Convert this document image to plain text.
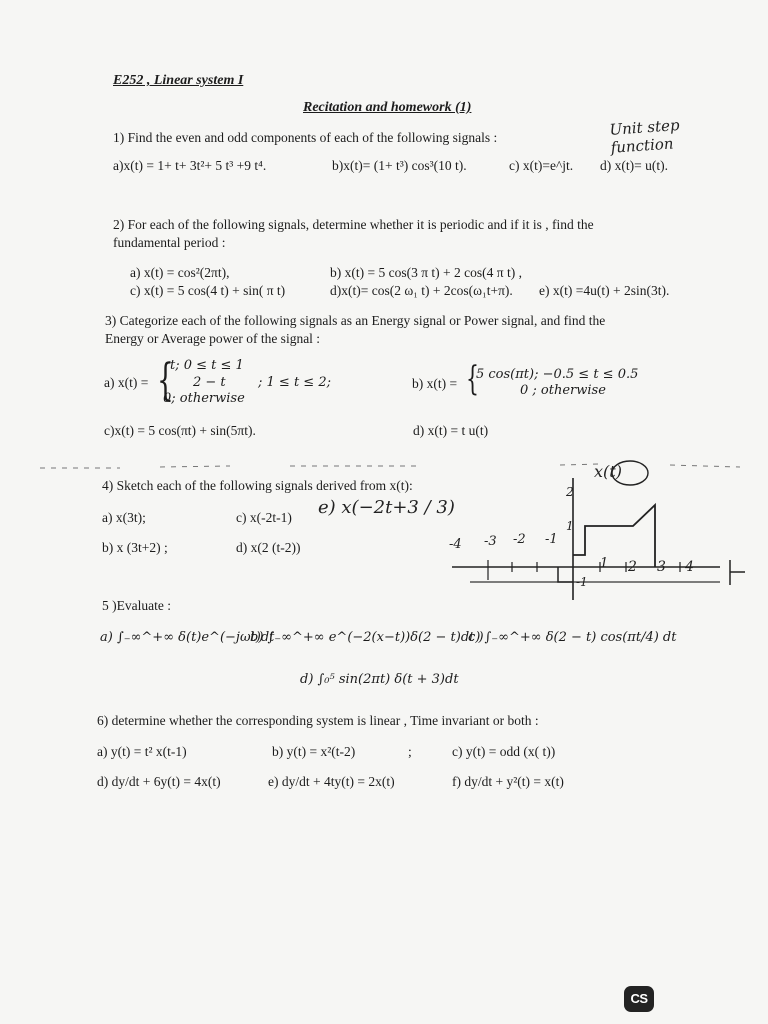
E252 , Linear system I
Recitation and homework (1)
Unit step function
1) Find the even and odd components of each of the following signals :
a)x(t) = 1+ t+ 3t²+ 5 t³ +9 t⁴.	b)x(t)= (1+ t³) cos³(10 t).	c) x(t)=e^jt. d) x(t)= u(t).
2) For each of the following signals, determine whether it is periodic and if it is , find the
fundamental period :
a) x(t) = cos²(2πt),	b) x(t) = 5 cos(3 π t) + 2 cos(4 π t) ,
c) x(t) = 5 cos(4 t) + sin( π t)	d)x(t)= cos(2 ω₁ t) + 2cos(ω₁t+π). e) x(t) =4u(t) + 2sin(3t).
3) Categorize each of the following signals as an Energy signal or Power signal, and find the
Energy or Average power of the signal :
a) x(t) = {
t; 0 ≤ t ≤ 1
2 − t ; 1 ≤ t ≤ 2;
0; otherwise
b) x(t) = {
5 cos(πt); −0.5 ≤ t ≤ 0.5
0 ; otherwise
c)x(t) = 5 cos(πt) + sin(5πt).	d) x(t) = t u(t)
4) Sketch each of the following signals derived from x(t):
a) x(3t);	c) x(-2t-1) e) x(−2t+3 / 3)
b) x (3t+2) ;	d) x(2 (t-2))
x(t)
2
1
-4 -3 -2 -1
1 2 3 4
-1
5 )Evaluate :
a) ∫₋∞^+∞ δ(t)e^(−jωt)dt
b) ∫₋∞^+∞ e^(−2(x−t))δ(2 − t)dt )
c) ∫₋∞^+∞ δ(2 − t) cos(πt/4) dt
d) ∫₀⁵ sin(2πt) δ(t + 3)dt
6) determine whether the corresponding system is linear , Time invariant or both :
a) y(t) = t² x(t-1)	b) y(t) = x²(t-2)	;	c) y(t) = odd (x( t))
d) dy/dt + 6y(t) = 4x(t)	e) dy/dt + 4ty(t) = 2x(t)	f) dy/dt + y²(t) = x(t)
CS
